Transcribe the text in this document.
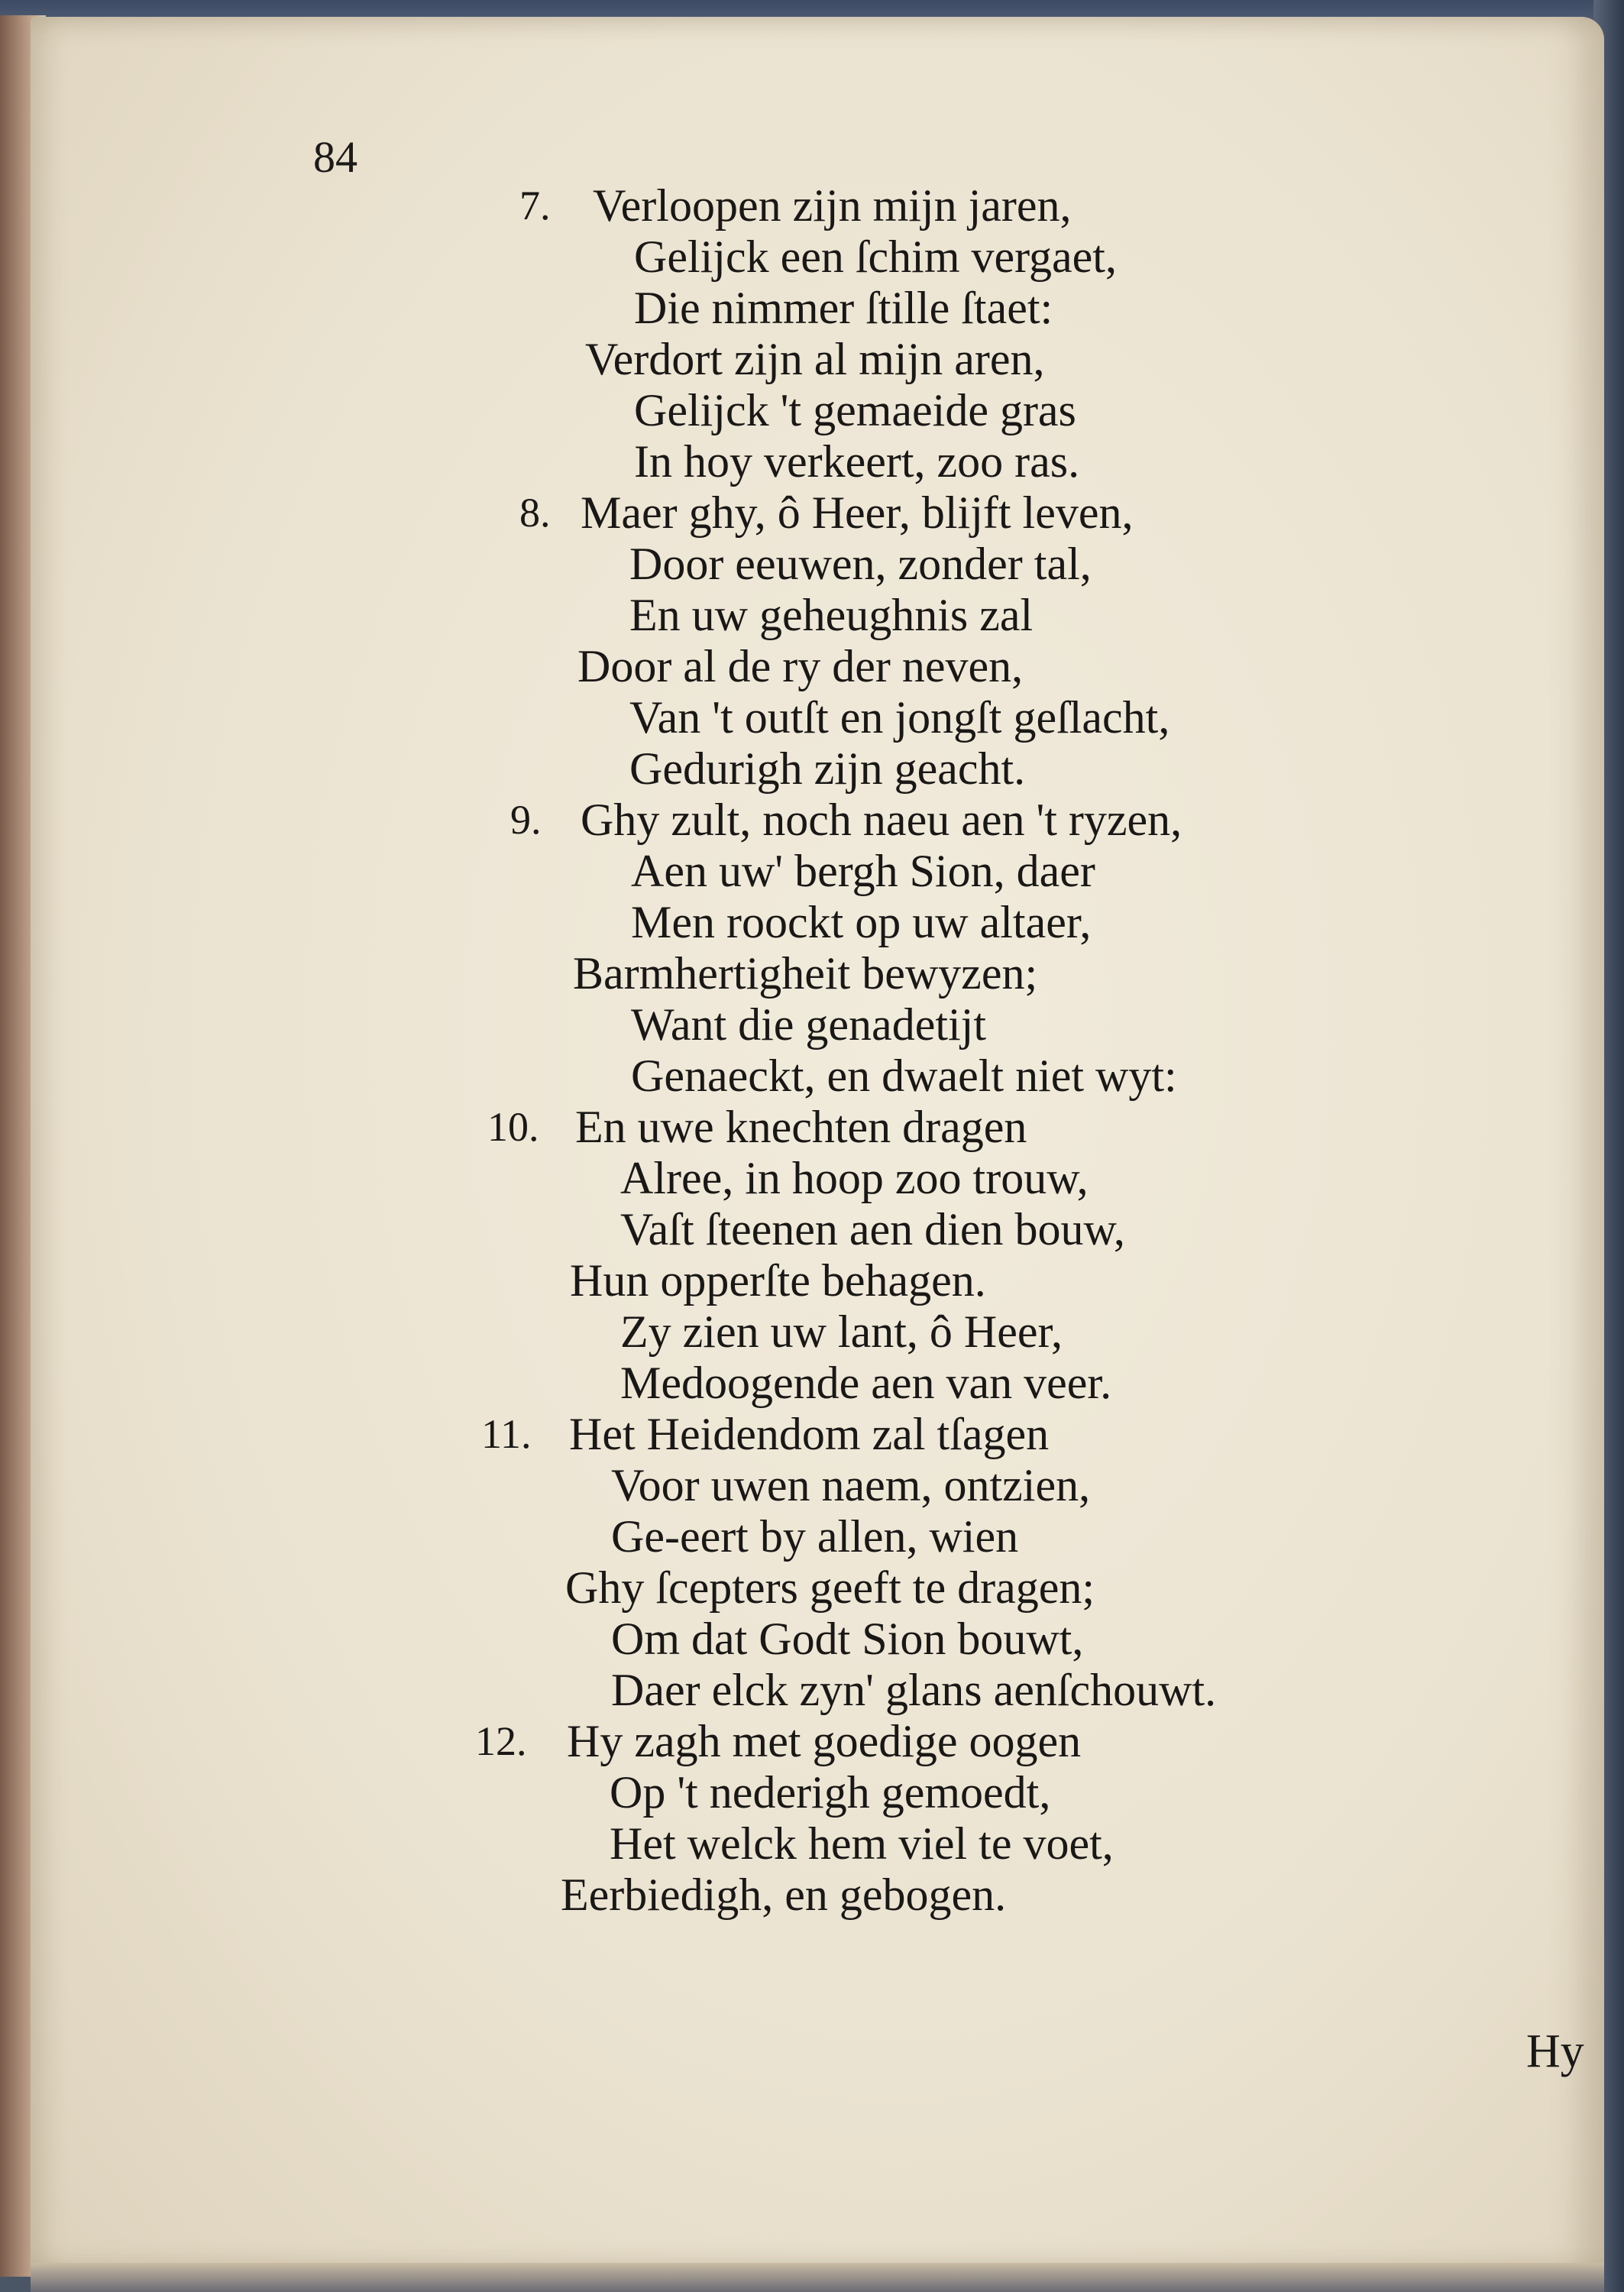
84
7. Verloopen zijn mijn jaren,
Gelijck een ſchim vergaet,
Die nimmer ſtille ſtaet:
Verdort zijn al mijn aren,
Gelijck 't gemaeide gras
In hoy verkeert, zoo ras.
8. Maer ghy, ô Heer, blijft leven,
Door eeuwen, zonder tal,
En uw geheughnis zal
Door al de ry der neven,
Van 't outſt en jongſt geſlacht,
Gedurigh zijn geacht.
9. Ghy zult, noch naeu aen 't ryzen,
Aen uw' bergh Sion, daer
Men roockt op uw altaer,
Barmhertigheit bewyzen;
Want die genadetijt
Genaeckt, en dwaelt niet wyt:
10. En uwe knechten dragen
Alree, in hoop zoo trouw,
Vaſt ſteenen aen dien bouw,
Hun opperſte behagen.
Zy zien uw lant, ô Heer,
Medoogende aen van veer.
11. Het Heidendom zal tſagen
Voor uwen naem, ontzien,
Ge-eert by allen, wien
Ghy ſcepters geeft te dragen;
Om dat Godt Sion bouwt,
Daer elck zyn' glans aenſchouwt.
12. Hy zagh met goedige oogen
Op 't nederigh gemoedt,
Het welck hem viel te voet,
Eerbiedigh, en gebogen.
Hy
